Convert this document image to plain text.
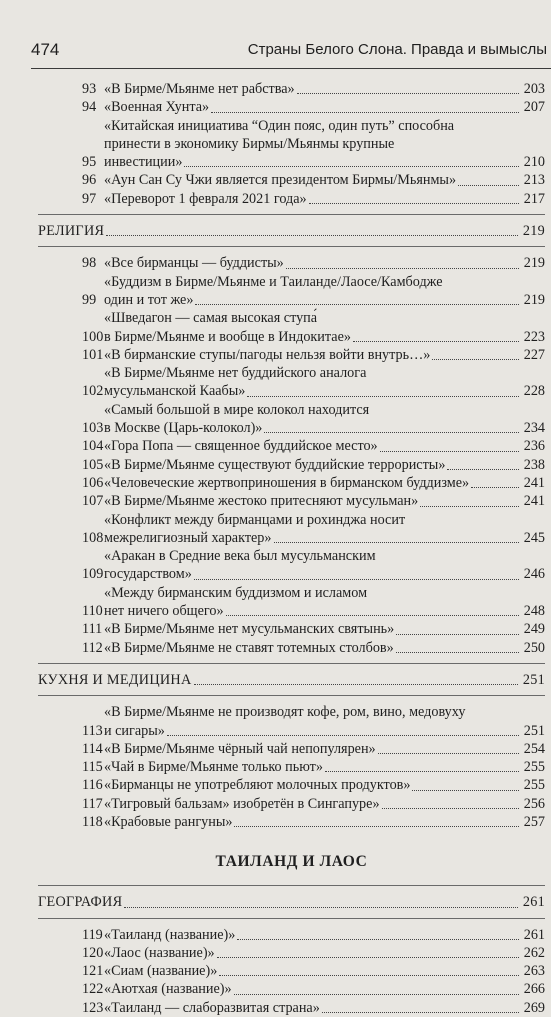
474	Страны Белого Слона. Правда и вымыслы
93 «В Бирме/Мьянме нет рабства»	203
94 «Военная Хунта»	207
95
«Китайская инициатива “Один пояс, один путь” способна
принести в экономику Бирмы/Мьянмы крупные
инвестиции»	210
96 «Аун Сан Су Чжи является президентом Бирмы/Мьянмы»	213
97 «Переворот 1 февраля 2021 года»	217
РЕЛИГИЯ	219
98 «Все бирманцы — буддисты»	219
99
«Буддизм в Бирме/Мьянме и Таиланде/Лаосе/Камбодже
один и тот же»	219
100
«Шведагон — самая высокая ступа́
в Бирме/Мьянме и вообще в Индокитае»	223
101 «В бирманские ступы/пагоды нельзя войти внутрь…»	227
102
«В Бирме/Мьянме нет буддийского аналога
мусульманской Каабы»	228
103
«Самый большой в мире колокол находится
в Москве (Царь-колокол)»	234
104 «Гора Попа — священное буддийское место»	236
105 «В Бирме/Мьянме существуют буддийские террористы»	238
106 «Человеческие жертвоприношения в бирманском буддизме»	241
107 «В Бирме/Мьянме жестоко притесняют мусульман»	241
108
«Конфликт между бирманцами и рохинджа носит
межрелигиозный характер»	245
109
«Аракан в Средние века был мусульманским
государством»	246
110
«Между бирманским буддизмом и исламом
нет ничего общего»	248
111 «В Бирме/Мьянме нет мусульманских святынь»	249
112 «В Бирме/Мьянме не ставят тотемных столбов»	250
КУХНЯ И МЕДИЦИНА	251
113
«В Бирме/Мьянме не производят кофе, ром, вино, медовуху
и сигары»	251
114 «В Бирме/Мьянме чёрный чай непопулярен»	254
115 «Чай в Бирме/Мьянме только пьют»	255
116 «Бирманцы не употребляют молочных продуктов»	255
117 «Тигровый бальзам» изобретён в Сингапуре»	256
118 «Крабовые рангуны»	257
ТАИЛАНД И ЛАОС
ГЕОГРАФИЯ	261
119 «Таиланд (название)»	261
120 «Лаос (название)»	262
121 «Сиам (название)»	263
122 «Аютхая (название)»	266
123 «Таиланд — слаборазвитая страна»	269
